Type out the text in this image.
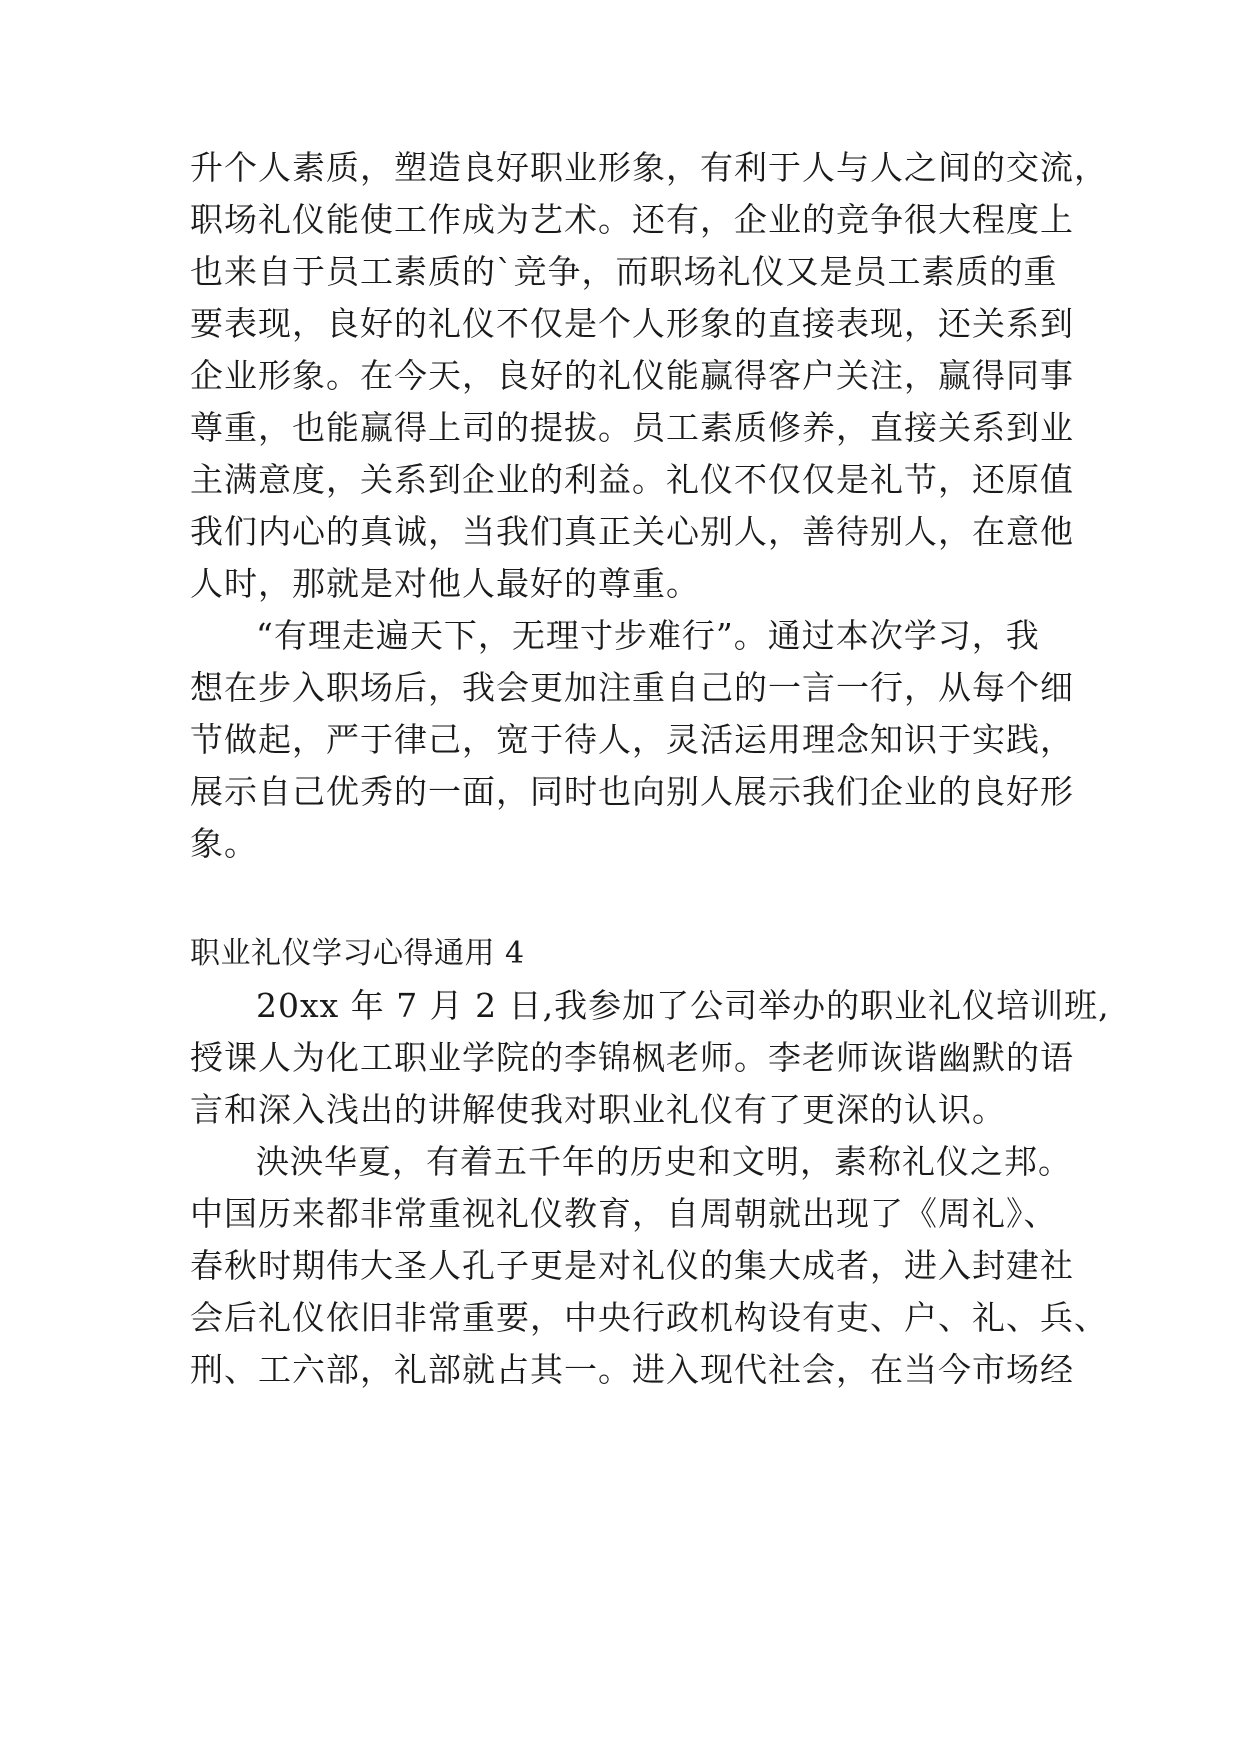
升个人素质，塑造良好职业形象，有利于人与人之间的交流，
职场礼仪能使工作成为艺术。还有，企业的竞争很大程度上
也来自于员工素质的`竞争，而职场礼仪又是员工素质的重
要表现，良好的礼仪不仅是个人形象的直接表现，还关系到
企业形象。在今天，良好的礼仪能赢得客户关注，赢得同事
尊重，也能赢得上司的提拔。员工素质修养，直接关系到业
主满意度，关系到企业的利益。礼仪不仅仅是礼节，还原值
我们内心的真诚，当我们真正关心别人，善待别人，在意他
人时，那就是对他人最好的尊重。
“有理走遍天下，无理寸步难行”。通过本次学习，我
想在步入职场后，我会更加注重自己的一言一行，从每个细
节做起，严于律己，宽于待人，灵活运用理念知识于实践，
展示自己优秀的一面，同时也向别人展示我们企业的良好形
象。
职业礼仪学习心得通用 4
20xx 年 7 月 2 日,我参加了公司举办的职业礼仪培训班,
授课人为化工职业学院的李锦枫老师。李老师诙谐幽默的语
言和深入浅出的讲解使我对职业礼仪有了更深的认识。
泱泱华夏，有着五千年的历史和文明，素称礼仪之邦。
中国历来都非常重视礼仪教育，自周朝就出现了《周礼》、
春秋时期伟大圣人孔子更是对礼仪的集大成者，进入封建社
会后礼仪依旧非常重要，中央行政机构设有吏、户、礼、兵、
刑、工六部，礼部就占其一。进入现代社会，在当今市场经
